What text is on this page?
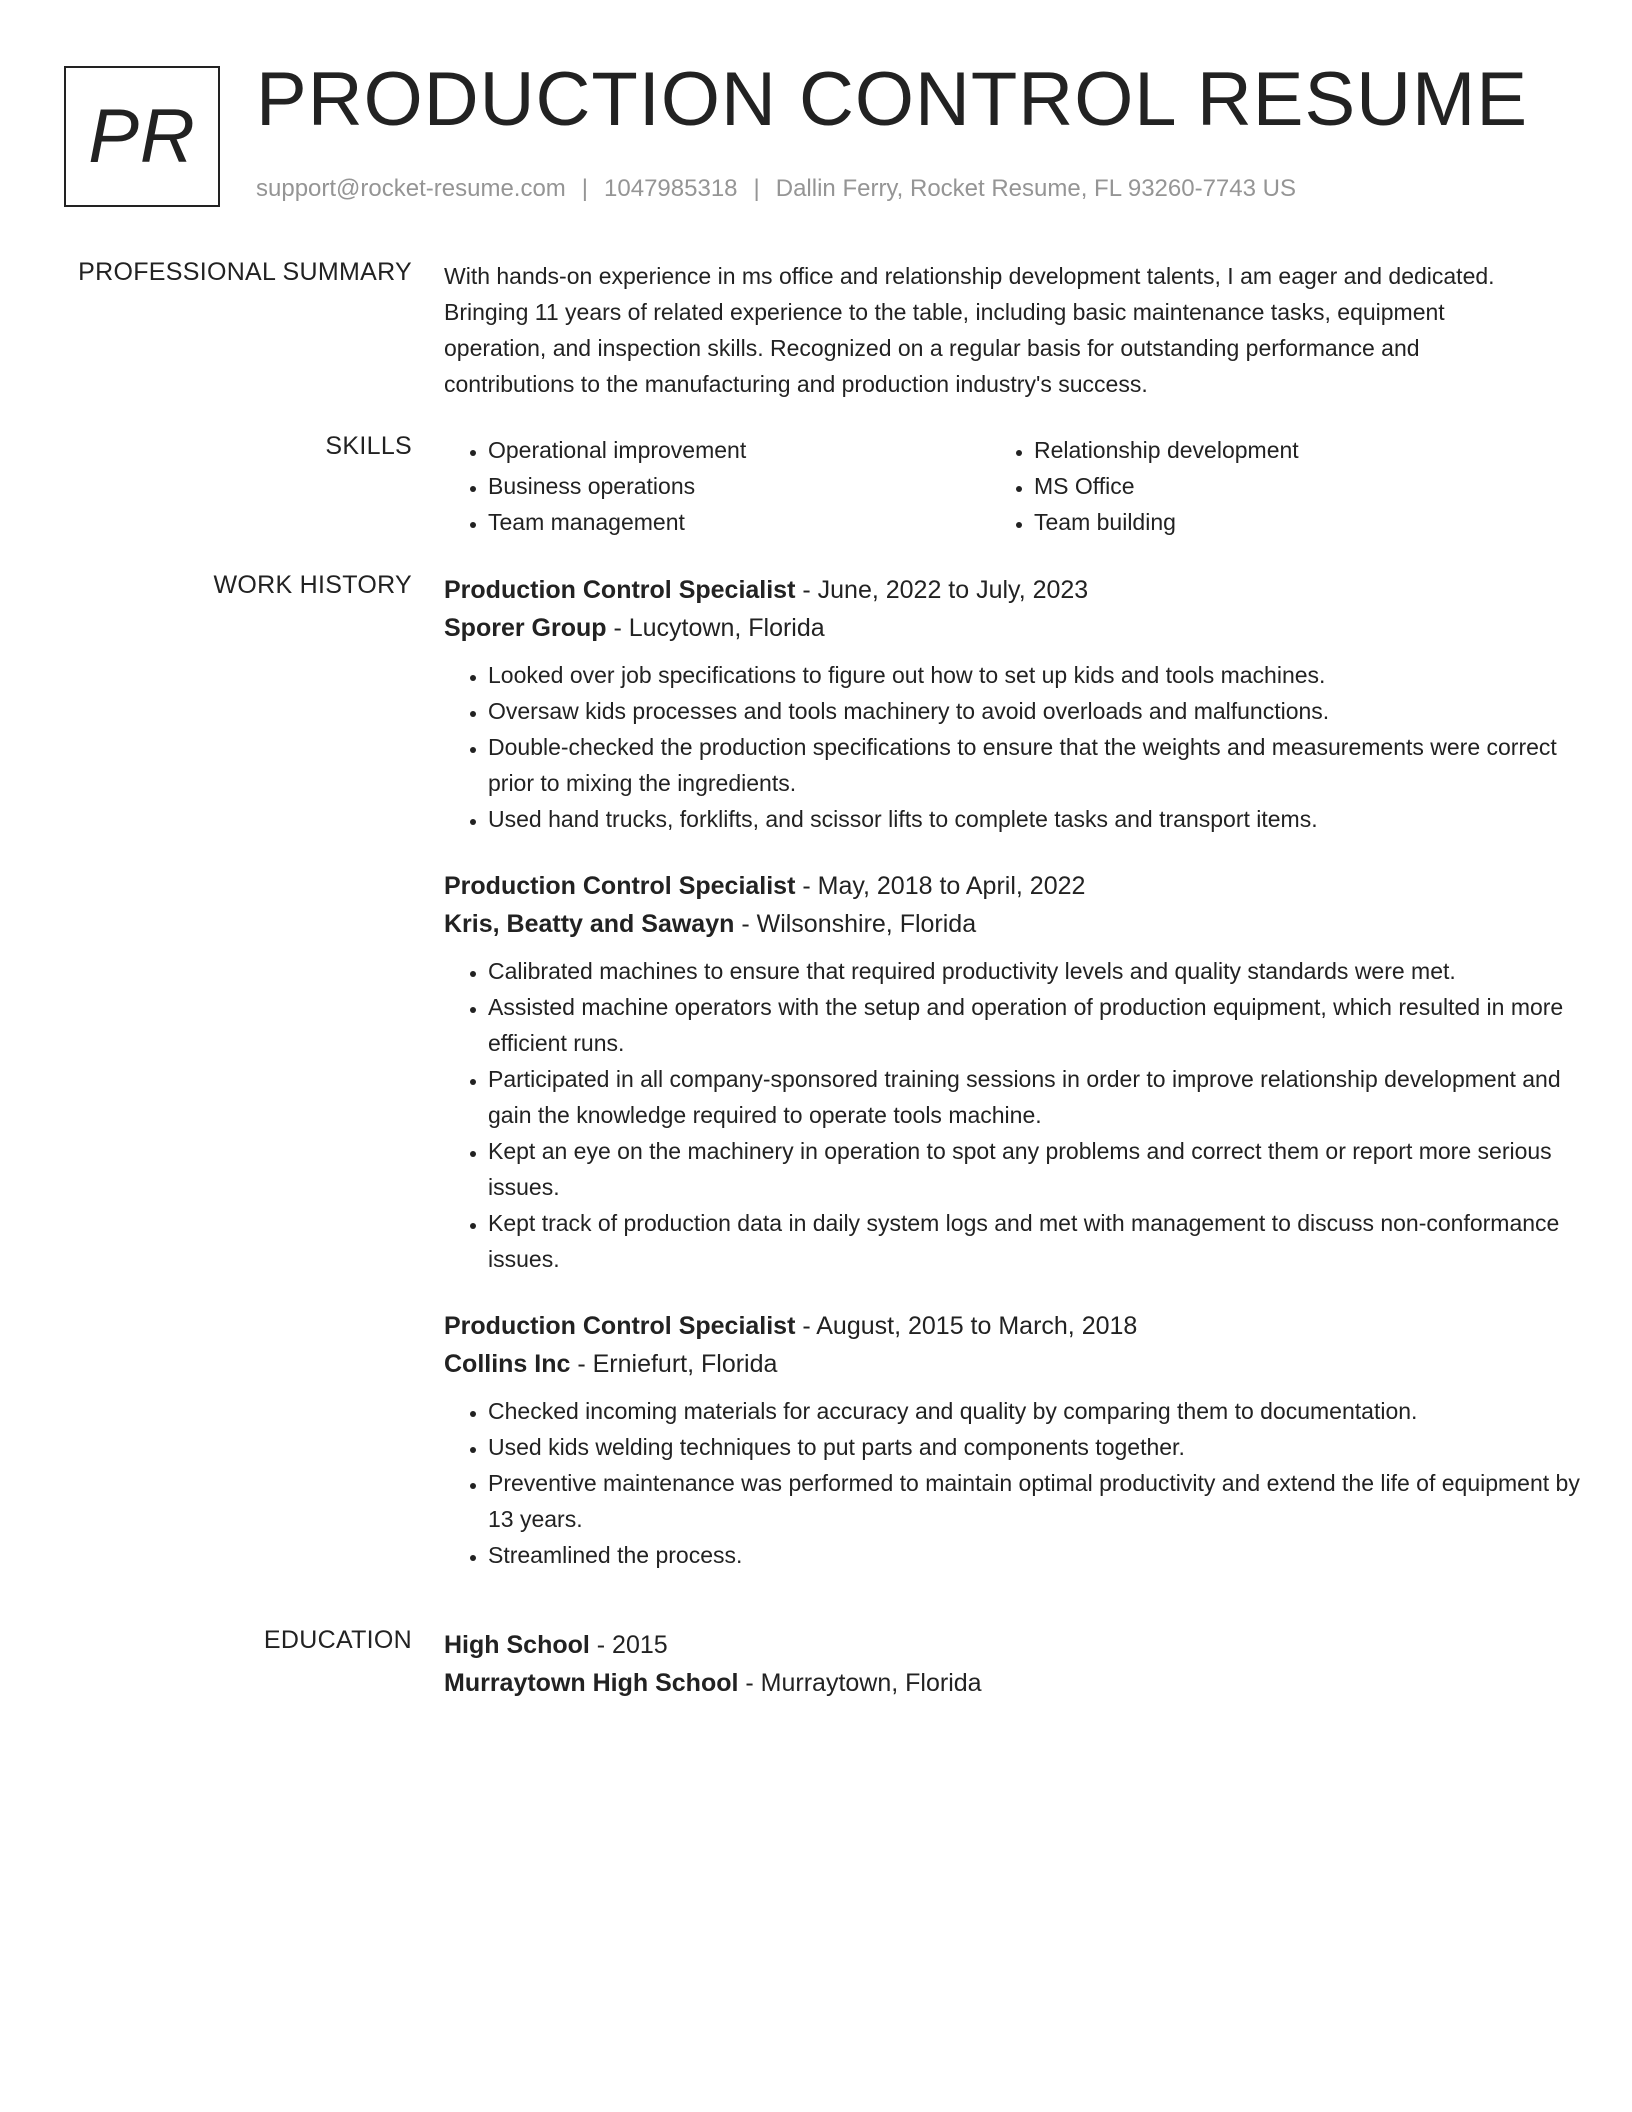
PR PRODUCTION CONTROL RESUME
support@rocket-resume.com | 1047985318 | Dallin Ferry, Rocket Resume, FL 93260-7743 US
PROFESSIONAL SUMMARY With hands-on experience in ms office and relationship development talents, I am eager and dedicated. Bringing 11 years of related experience to the table, including basic maintenance tasks, equipment operation, and inspection skills. Recognized on a regular basis for outstanding performance and contributions to the manufacturing and production industry's success.

SKILLS
•	Operational improvement
• Business operations
• Team management
• Relationship development
• MS Office
• Team building
WORK HISTORY Production Control Specialist - June, 2022 to July, 2023
Sporer Group - Lucytown, Florida
• Looked over job specifications to figure out how to set up kids and tools machines.
• Oversaw kids processes and tools machinery to avoid overloads and malfunctions.
• Double-checked the production specifications to ensure that the weights and measurements were correct prior to mixing the ingredients.
• Used hand trucks, forklifts, and scissor lifts to complete tasks and transport items.
Production Control Specialist - May, 2018 to April, 2022
Kris, Beatty and Sawayn - Wilsonshire, Florida
• Calibrated machines to ensure that required productivity levels and quality standards were met.
• Assisted machine operators with the setup and operation of production equipment, which resulted in more efficient runs.
• Participated in all company-sponsored training sessions in order to improve relationship development and gain the knowledge required to operate tools machine.
• Kept an eye on the machinery in operation to spot any problems and correct them or report more serious issues.
• Kept track of production data in daily system logs and met with management to discuss non-conformance issues.
Production Control Specialist - August, 2015 to March, 2018
Collins Inc - Erniefurt, Florida
• Checked incoming materials for accuracy and quality by comparing them to documentation.
• Used kids welding techniques to put parts and components together.
• Preventive maintenance was performed to maintain optimal productivity and extend the life of equipment by 13 years.
• Streamlined the process.
EDUCATION High School - 2015
Murraytown High School - Murraytown, Florida
